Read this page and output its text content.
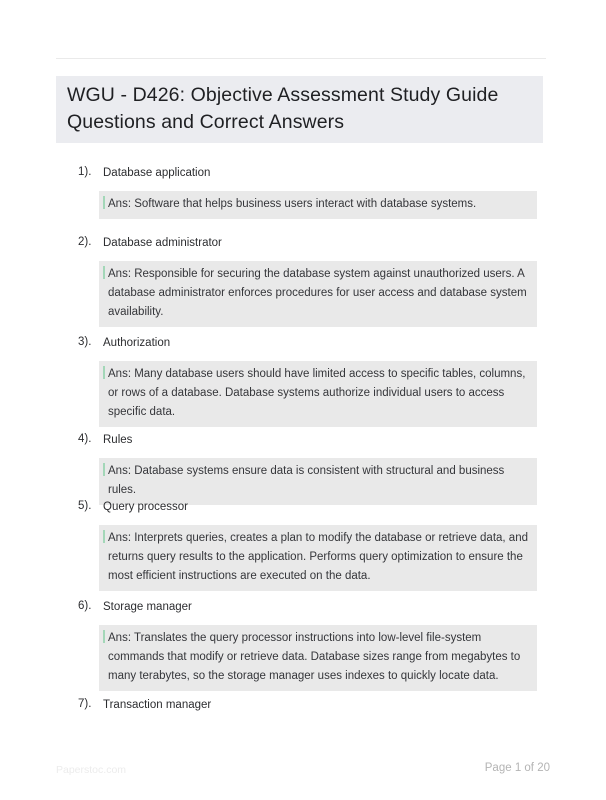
WGU - D426: Objective Assessment Study Guide Questions and Correct Answers
1). Database application
Ans: Software that helps business users interact with database systems.
2). Database administrator
Ans: Responsible for securing the database system against unauthorized users. A database administrator enforces procedures for user access and database system availability.
3). Authorization
Ans: Many database users should have limited access to specific tables, columns, or rows of a database. Database systems authorize individual users to access specific data.
4). Rules
Ans: Database systems ensure data is consistent with structural and business rules.
5). Query processor
Ans: Interprets queries, creates a plan to modify the database or retrieve data, and returns query results to the application. Performs query optimization to ensure the most efficient instructions are executed on the data.
6). Storage manager
Ans: Translates the query processor instructions into low-level file-system commands that modify or retrieve data. Database sizes range from megabytes to many terabytes, so the storage manager uses indexes to quickly locate data.
7). Transaction manager
Paperstoc.com	Page 1 of 20
